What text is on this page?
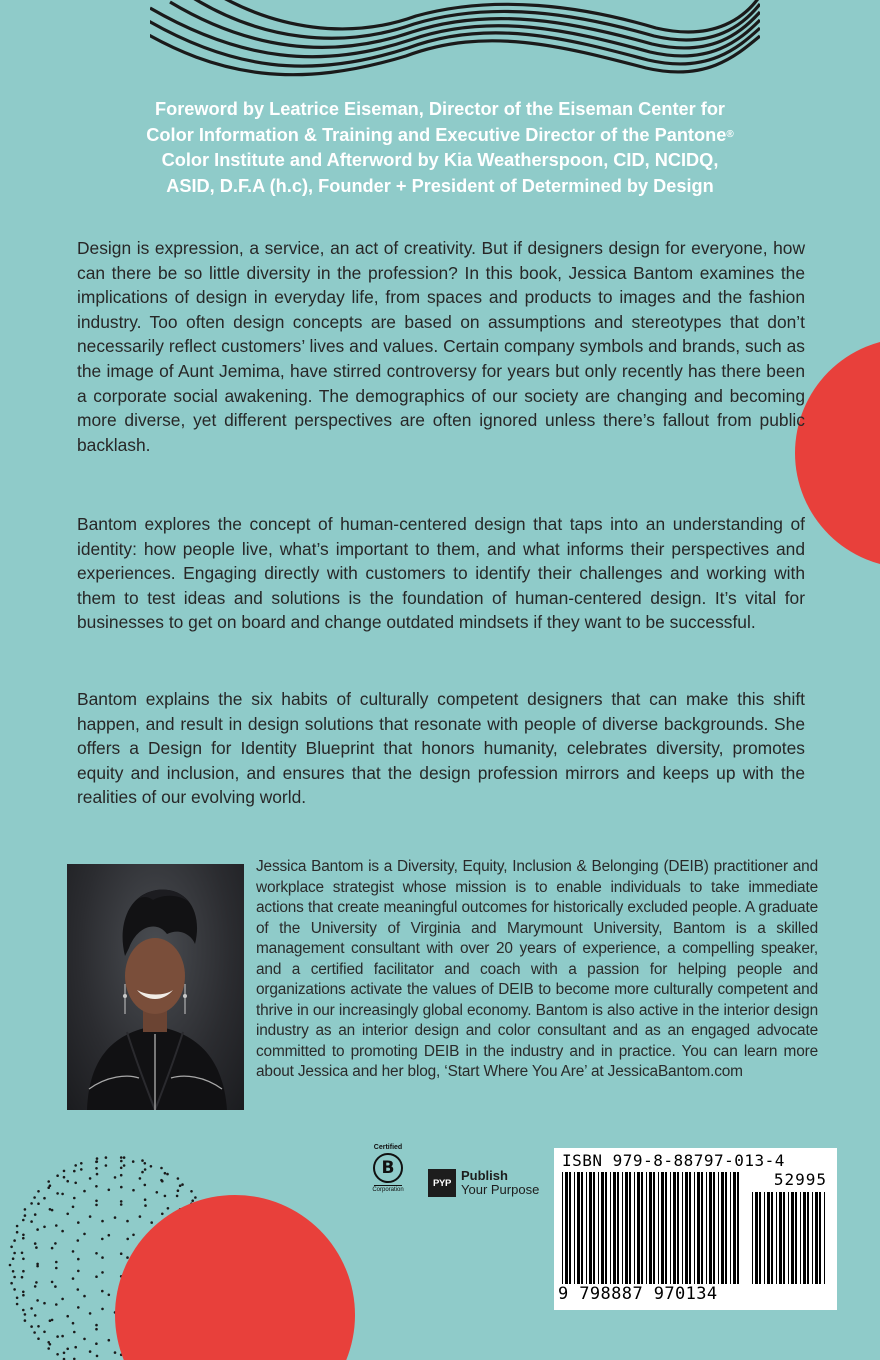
Foreword by Leatrice Eiseman, Director of the Eiseman Center for
Color Information & Training and Executive Director of the Pantone®
Color Institute and Afterword by Kia Weatherspoon, CID, NCIDQ,
ASID, D.F.A (h.c), Founder + President of Determined by Design

Design is expression, a service, an act of creativity. But if designers design for everyone, how can there be so little diversity in the profession? In this book, Jessica Bantom examines the implications of design in everyday life, from spaces and products to images and the fashion industry. Too often design concepts are based on assumptions and stereotypes that don’t necessarily reflect customers’ lives and values. Certain company symbols and brands, such as the image of Aunt Jemima, have stirred controversy for years but only recently has there been a corporate social awakening. The demographics of our society are changing and becoming more diverse, yet different perspectives are often ignored unless there’s fallout from public backlash.

Bantom explores the concept of human-centered design that taps into an understanding of identity: how people live, what’s important to them, and what informs their perspectives and experiences. Engaging directly with customers to identify their challenges and working with them to test ideas and solutions is the foundation of human-centered design. It’s vital for businesses to get on board and change outdated mindsets if they want to be successful.

Bantom explains the six habits of culturally competent designers that can make this shift happen, and result in design solutions that resonate with people of diverse backgrounds. She offers a Design for Identity Blueprint that honors humanity, celebrates diversity, promotes equity and inclusion, and ensures that the design profession mirrors and keeps up with the realities of our evolving world.

Jessica Bantom is a Diversity, Equity, Inclusion & Belonging (DEIB) practitioner and workplace strategist whose mission is to enable individuals to take immediate actions that create meaningful outcomes for historically excluded people. A graduate of the University of Virginia and Marymount University, Bantom is a skilled management consultant with over 20 years of experience, a compelling speaker, and a certified facilitator and coach with a passion for helping people and organizations activate the values of DEIB to become more culturally competent and thrive in our increasingly global economy. Bantom is also active in the interior design industry as an interior design and color consultant and as an engaged advocate committed to promoting DEIB in the industry and in practice. You can learn more about Jessica and her blog, ‘Start Where You Are’ at JessicaBantom.com

Certified
B
Corporation
PYP Publish
Your Purpose
ISBN 979-8-88797-013-4
52995
9 798887 970134
